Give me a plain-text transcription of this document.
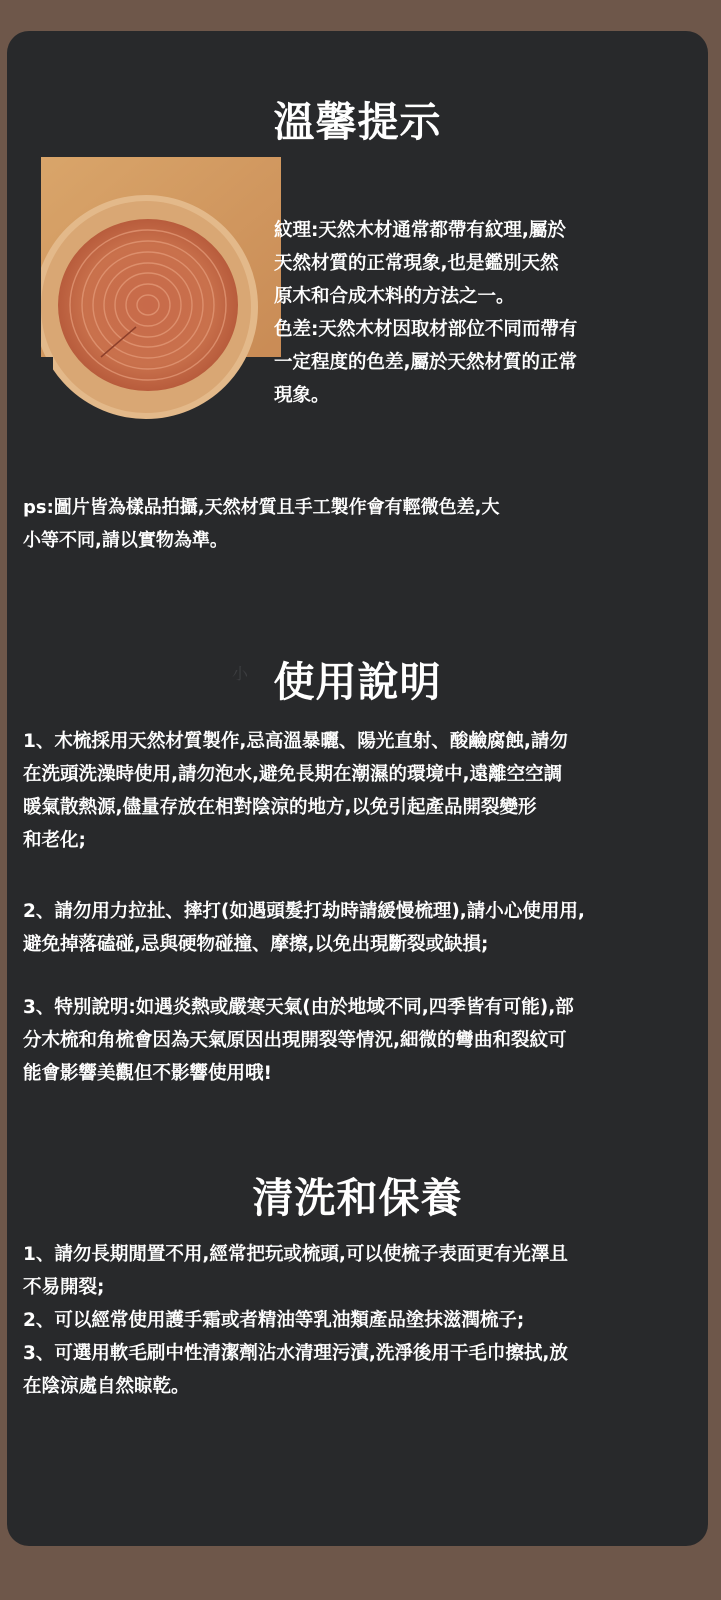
溫馨提示
紋理:天然木材通常都帶有紋理,屬於
天然材質的正常現象,也是鑑別天然
原木和合成木料的方法之一。
色差:天然木材因取材部位不同而帶有
一定程度的色差,屬於天然材質的正常
現象。
ps:圖片皆為樣品拍攝,天然材質且手工製作會有輕微色差,大
小等不同,請以實物為準。
小 使用說明
1、木梳採用天然材質製作,忌高溫暴曬、陽光直射、酸鹼腐蝕,請勿
在洗頭洗澡時使用,請勿泡水,避免長期在潮濕的環境中,遠離空空調
暖氣散熱源,儘量存放在相對陰涼的地方,以免引起產品開裂變形
和老化;
2、請勿用力拉扯、摔打(如遇頭髮打劫時請緩慢梳理),請小心使用用,
避免掉落磕碰,忌與硬物碰撞、摩擦,以免出現斷裂或缺損;
3、特別說明:如遇炎熱或嚴寒天氣(由於地域不同,四季皆有可能),部
分木梳和角梳會因為天氣原因出現開裂等情況,細微的彎曲和裂紋可
能會影響美觀但不影響使用哦!
清洗和保養
1、請勿長期閒置不用,經常把玩或梳頭,可以使梳子表面更有光澤且
不易開裂;
2、可以經常使用護手霜或者精油等乳油類產品塗抹滋潤梳子;
3、可選用軟毛刷中性清潔劑沾水清理污漬,洗淨後用干毛巾擦拭,放
在陰涼處自然晾乾。
